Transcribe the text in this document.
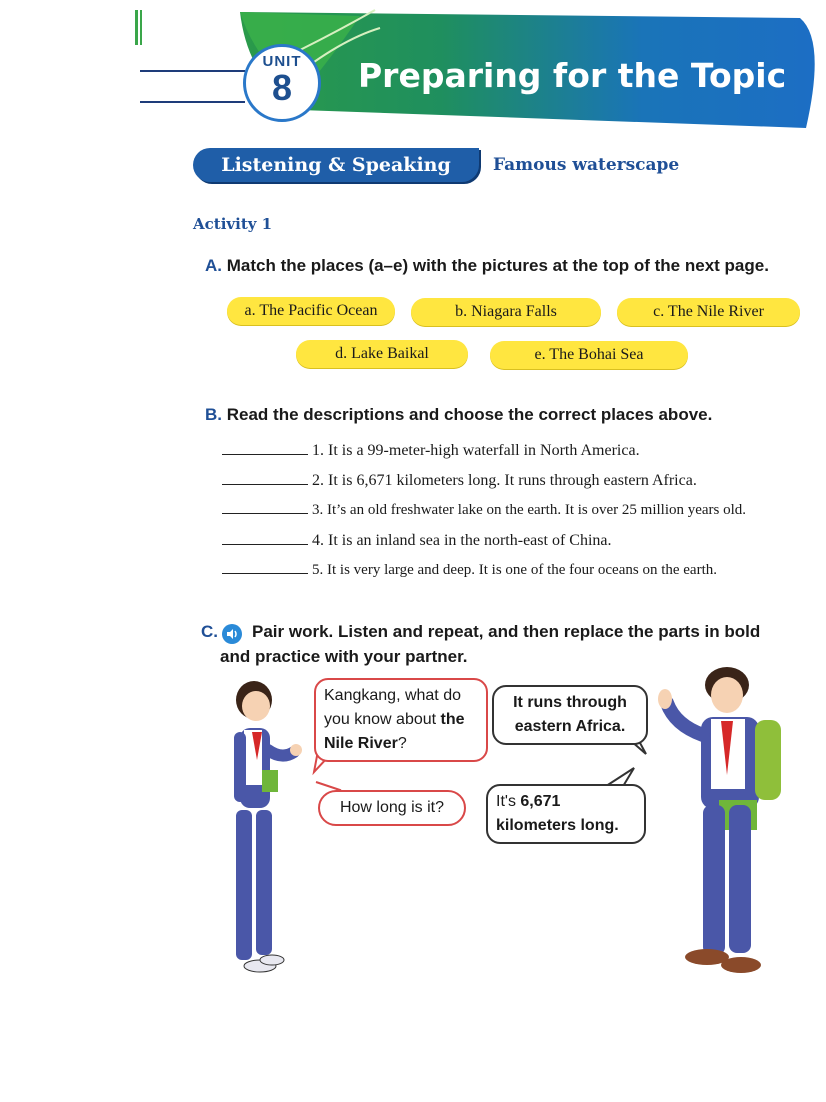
UNIT
8	Preparing for the Topic
Listening & Speaking	Famous waterscape
Activity 1
A. Match the places (a–e) with the pictures at the top of the next page.
a. The Pacific Ocean	b. Niagara Falls	c. The Nile River
d. Lake Baikal	e. The Bohai Sea
B. Read the descriptions and choose the correct places above.
1. It is a 99-meter-high waterfall in North America.
2. It is 6,671 kilometers long. It runs through eastern Africa.
3. It’s an old freshwater lake on the earth. It is over 25 million years old.
4. It is an inland sea in the north-east of China.
5. It is very large and deep. It is one of the four oceans on the earth.
C. Pair work. Listen and repeat, and then replace the parts in bold
and practice with your partner.
Kangkang, what do you know about the Nile River?
It runs through eastern Africa.
How long is it?	It's 6,671
kilometers long.
